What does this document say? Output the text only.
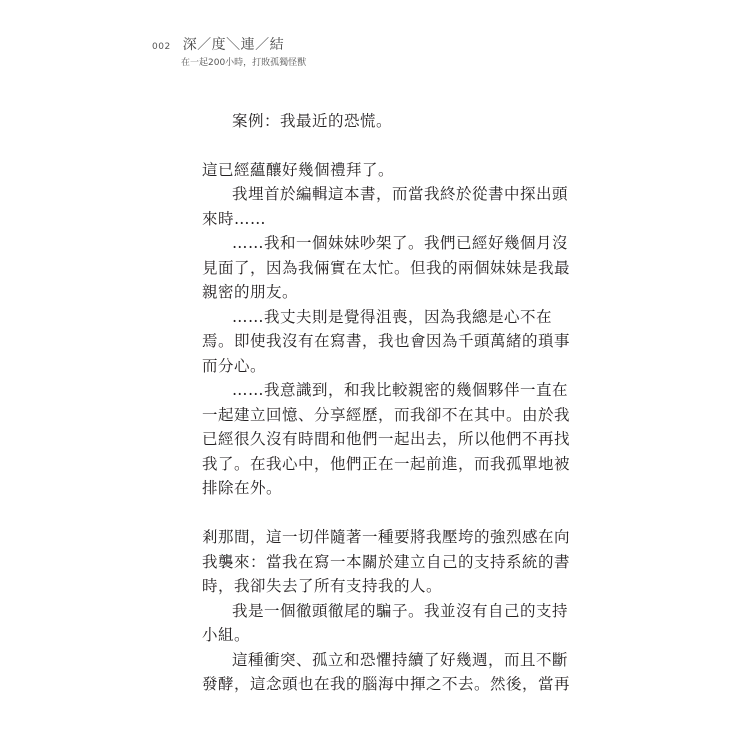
002 深／度＼連／結
在一起200小時，打敗孤獨怪獸
案例：我最近的恐慌。

這已經蘊釀好幾個禮拜了。

我埋首於編輯這本書，而當我終於從書中探出頭來時……

……我和一個妹妹吵架了。我們已經好幾個月沒見面了，因為我倆實在太忙。但我的兩個妹妹是我最親密的朋友。

……我丈夫則是覺得沮喪，因為我總是心不在焉。即使我沒有在寫書，我也會因為千頭萬緒的瑣事而分心。

……我意識到，和我比較親密的幾個夥伴一直在一起建立回憶、分享經歷，而我卻不在其中。由於我已經很久沒有時間和他們一起出去，所以他們不再找我了。在我心中，他們正在一起前進，而我孤單地被排除在外。

剎那間，這一切伴隨著一種要將我壓垮的強烈感在向我襲來：當我在寫一本關於建立自己的支持系統的書時，我卻失去了所有支持我的人。

我是一個徹頭徹尾的騙子。我並沒有自己的支持小組。

這種衝突、孤立和恐懼持續了好幾週，而且不斷發酵，這念頭也在我的腦海中揮之不去。然後，當再
